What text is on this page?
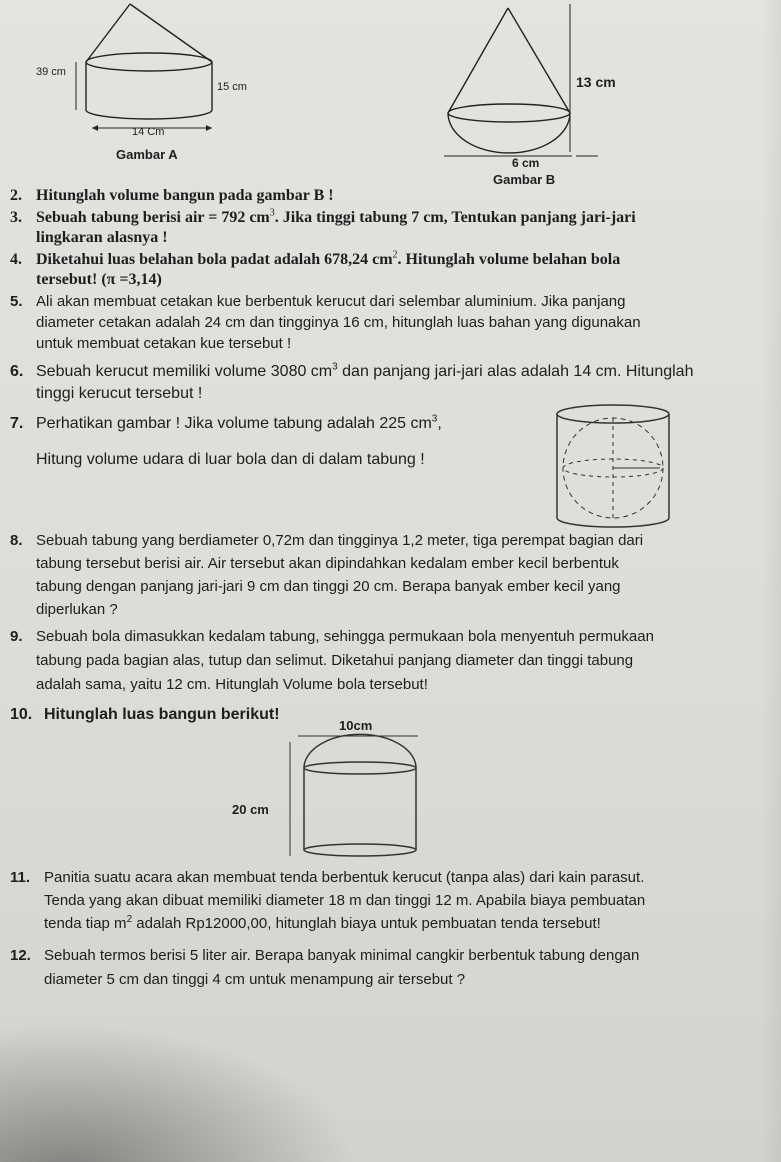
39 cm
15 cm
14 Cm
Gambar A
13 cm
6 cm
Gambar B
2. Hitunglah volume bangun pada gambar B !
3. Sebuah tabung berisi air = 792 $cm^3$. Jika tinggi tabung 7 cm, Tentukan panjang jari-jari
lingkaran alasnya !
4. Diketahui luas belahan bola padat adalah 678,24 $cm^2$. Hitunglah volume belahan bola
tersebut! (π =3,14)
5. Ali akan membuat cetakan kue berbentuk kerucut dari selembar aluminium. Jika panjang
diameter cetakan adalah 24 cm dan tingginya 16 cm, hitunglah luas bahan yang digunakan
untuk membuat cetakan kue tersebut !
6. Sebuah kerucut memiliki volume 3080 $cm^3$ dan panjang jari-jari alas adalah 14 cm. Hitunglah
tinggi kerucut tersebut !
7. Perhatikan gambar ! Jika volume tabung adalah 225 $cm^3$,
Hitung volume udara di luar bola dan di dalam tabung !
8. Sebuah tabung yang berdiameter 0,72m dan tingginya 1,2 meter, tiga perempat bagian dari
tabung tersebut berisi air. Air tersebut akan dipindahkan kedalam ember kecil berbentuk
tabung dengan panjang jari-jari 9 cm dan tinggi 20 cm. Berapa banyak ember kecil yang
diperlukan ?
9. Sebuah bola dimasukkan kedalam tabung, sehingga permukaan bola menyentuh permukaan
tabung pada bagian alas, tutup dan selimut. Diketahui panjang diameter dan tinggi tabung
adalah sama, yaitu 12 cm. Hitunglah Volume bola tersebut!
10. Hitunglah luas bangun berikut!
10cm
20 cm
11. Panitia suatu acara akan membuat tenda berbentuk kerucut (tanpa alas) dari kain parasut.
Tenda yang akan dibuat memiliki diameter 18 m dan tinggi 12 m. Apabila biaya pembuatan
tenda tiap $m^2$ adalah Rp12000,00, hitunglah biaya untuk pembuatan tenda tersebut!
12. Sebuah termos berisi 5 liter air. Berapa banyak minimal cangkir berbentuk tabung dengan
diameter 5 cm dan tinggi 4 cm untuk menampung air tersebut ?
